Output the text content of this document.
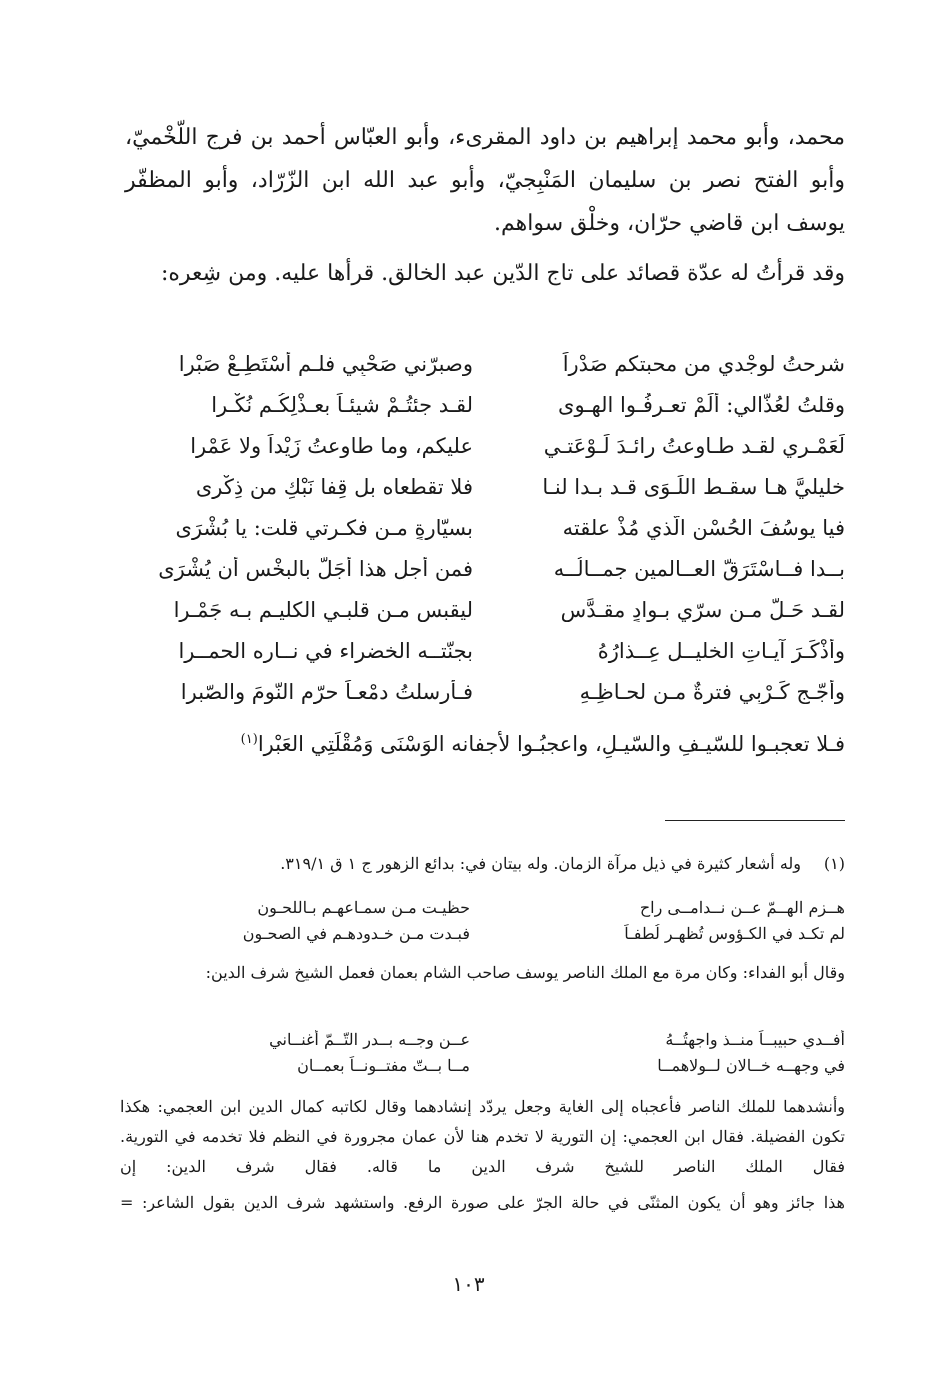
محمد، وأبو محمد إبراهيم بن داود المقرىء، وأبو العبّاس أحمد بن فرج اللّخْميّ، وأبو الفتح نصر بن سليمان المَنْبِجيّ، وأبو عبد الله ابن الزّرّاد، وأبو المظفّر يوسف ابن قاضي حرّان، وخلْق سواهم.

وقد قرأتُ له عدّة قصائد على تاج الدّين عبد الخالق. قرأها عليه. ومن شِعره:

شرحتُ لوجْدي من محبتكم صَدْراً
وصبرّني صَحْبِي فلـم أَسْتَطِـعْ صَبْرا
وقلتُ لعُذّالي: أَلَمْ تعـرِفُـوا الهـوى
لقـد جئتُـمْ شيئـاً بعـذْلِكُـم نُكْـرا
لَعَمْـري لقـد طـاوعتُ رائـدَ لَـوْعَتـي
عليكم، وما طاوعتُ زَيْداً ولا عَمْرا
خليليَّ هـا سقـط اللِّـوَى قـد بـدا لنـا
فلا تقطعاه بل قِفا نَبْكِ من ذِكْرى
فيا يوسُفَ الحُسْنِ الّذي مُذْ علقته
بسيّارةٍ مـن فكـرتي قلت: يا بُشْرَى
بــدا فــاسْتَرَقّ العــالمين جمــالُــه
فمن أجلِ هذا أجَلّ بالبخْس أن يُشْرَى
لقـد حَـلّ مـن سرّي بـوادٍ مقـدَّسٍ
ليقبس مـن قلبـي الكليـم بـه جَمْـرا
وأَذْكَـرَ آيـاتِ الخليــلِ عِــذارُهُ
بجنّتــه الخضراء في نــارِه الحمــرا
وأَجّـج كَـرْبِي فترةٌ مـن لحـاظِـهِ
فـأرسلتُ دمْعـاً حرّم النّومَ والصّبرا
فـلا تعجبـوا للسّيـفِ والسّيـلِ، واعجبُـوا لأجفانه الوَسْنَى وَمُقْلَتِي العَبْرا$^{(١)}$
(١)وله أشعار كثيرة في ذيل مرآة الزمان. وله بيتان في: بدائع الزهور ج ١ ق ٣١٩/١.
هــزم الهــمّ عــن نــدامــى راح
حظيـت مـن سمـاعهـم بـاللحـون
لم تكـد في الكـؤوس تُظهـر لُطفـاً
فبـدت مـن خـدودهـم في الصحـون

وقال أبو الفداء: وكان مرة مع الملك الناصر يوسف صاحب الشام بعمان فعمل الشيخ شرف الدين:

أفــدي حبيبــاً منــذ واجهتُــهُ
عــن وجــه بــدر التّــمّ أغنــاني
في وجهــه خــالان لــولاهمــا
مــا بــتّ مفتــونــاً بعمــان

وأنشدهما للملك الناصر فأعجباه إلى الغاية وجعل يردّد إنشادهما وقال لكاتبه كمال الدين ابن العجمي: هكذا تكون الفضيلة. فقال ابن العجمي: إن التورية لا تخدم هنا لأن عمان مجرورة في النظم فلا تخدمه في التورية. فقال الملك الناصر للشيخ شرف الدين ما قاله. فقال شرف الدين: إن

هذا جائز وهو أن يكون المثنّى في حالة الجرّ على صورة الرفع. واستشهد شرف الدين بقول الشاعر: =

١٠٣
